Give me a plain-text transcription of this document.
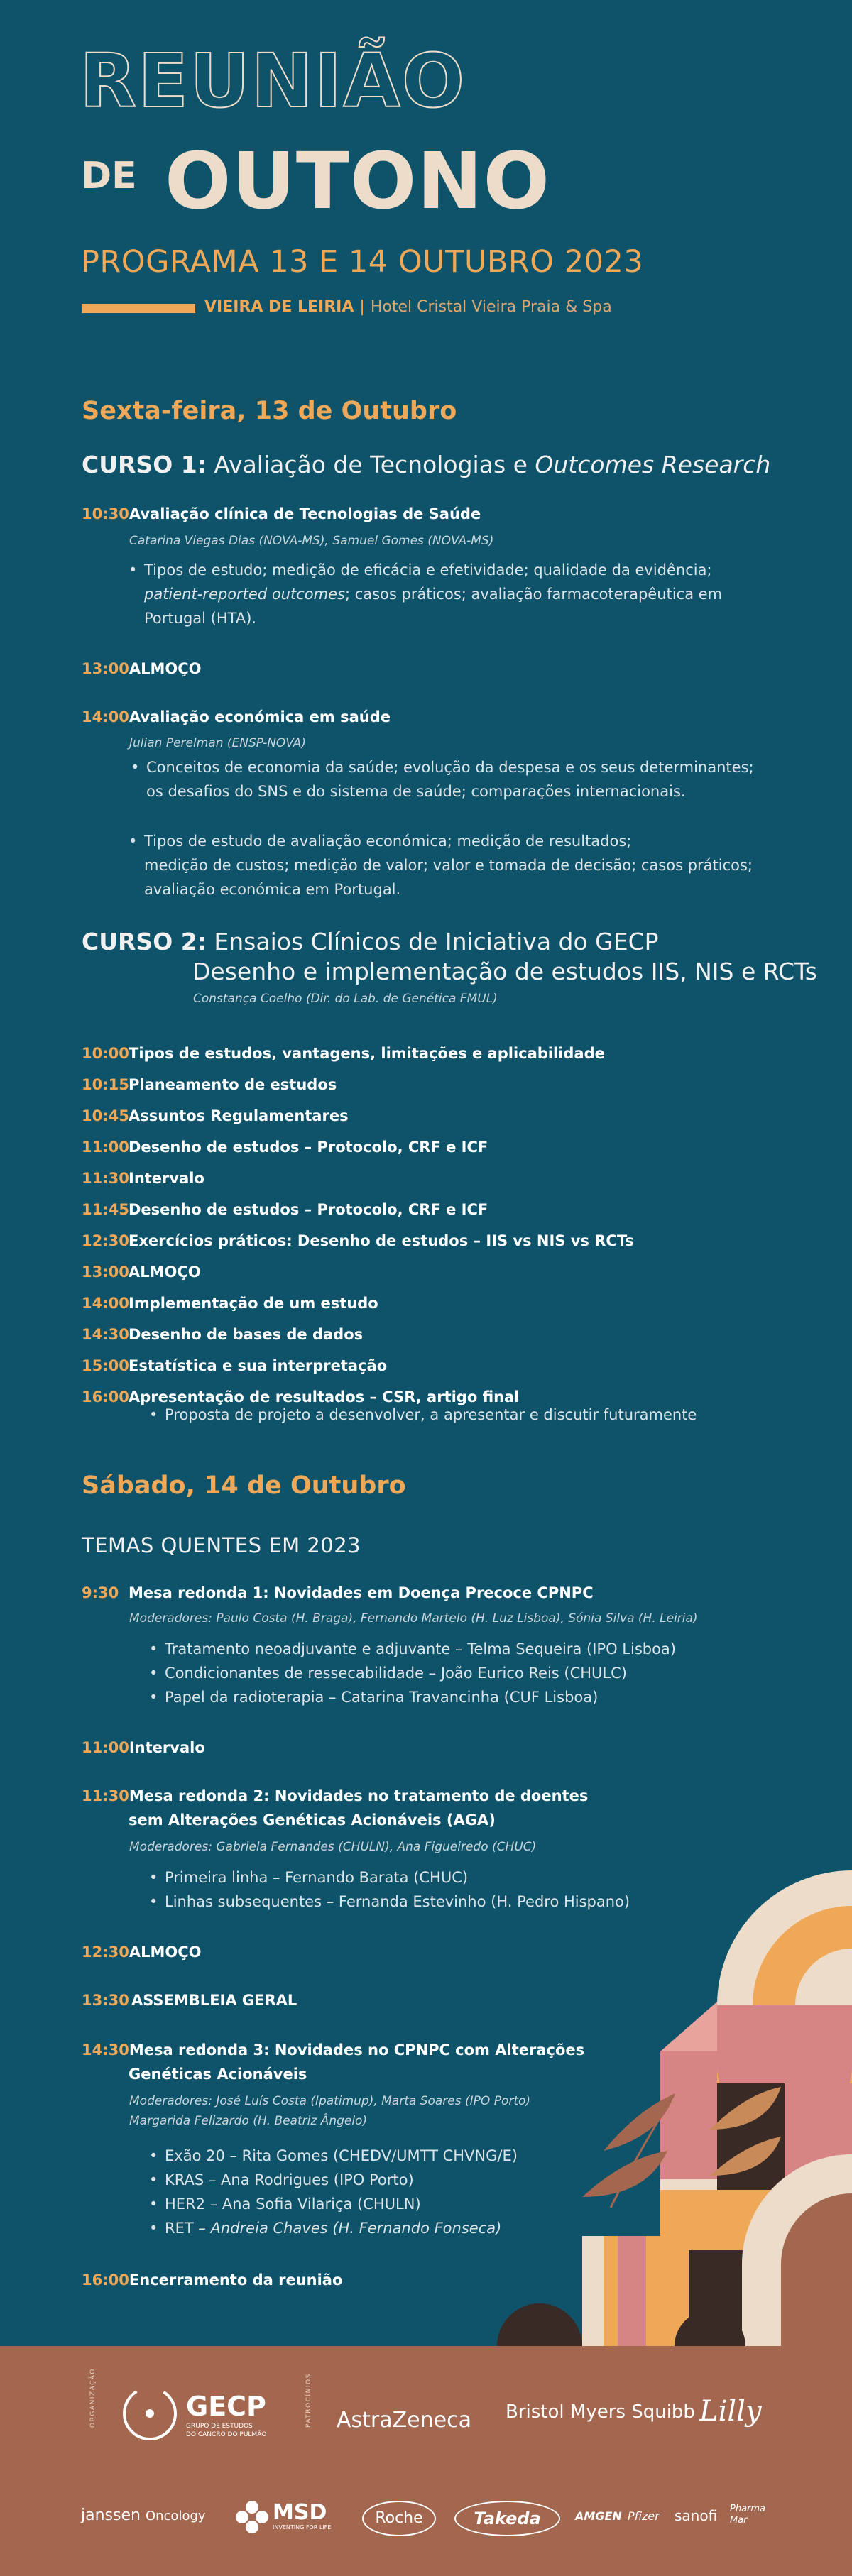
REUNIÃO
DE OUTONO
PROGRAMA 13 E 14 OUTUBRO 2023
VIEIRA DE LEIRIA | Hotel Cristal Vieira Praia & Spa
Sexta-feira, 13 de Outubro
CURSO 1: Avaliação de Tecnologias e Outcomes Research
10:30Avaliação clínica de Tecnologias de Saúde
Catarina Viegas Dias (NOVA-MS), Samuel Gomes (NOVA-MS)
• Tipos de estudo; medição de eficácia e efetividade; qualidade da evidência;
patient-reported outcomes; casos práticos; avaliação farmacoterapêutica em
Portugal (HTA).
13:00ALMOÇO
14:00Avaliação económica em saúde
Julian Perelman (ENSP-NOVA)
• Conceitos de economia da saúde; evolução da despesa e os seus determinantes;
os desafios do SNS e do sistema de saúde; comparações internacionais.
• Tipos de estudo de avaliação económica; medição de resultados;
medição de custos; medição de valor; valor e tomada de decisão; casos práticos;
avaliação económica em Portugal.
CURSO 2: Ensaios Clínicos de Iniciativa do GECP
Desenho e implementação de estudos IIS, NIS e RCTs
Constança Coelho (Dir. do Lab. de Genética FMUL)
10:00Tipos de estudos, vantagens, limitações e aplicabilidade
10:15Planeamento de estudos
10:45Assuntos Regulamentares
11:00Desenho de estudos – Protocolo, CRF e ICF
11:30Intervalo
11:45Desenho de estudos – Protocolo, CRF e ICF
12:30Exercícios práticos: Desenho de estudos – IIS vs NIS vs RCTs
13:00ALMOÇO
14:00Implementação de um estudo
14:30Desenho de bases de dados
15:00Estatística e sua interpretação
16:00Apresentação de resultados – CSR, artigo final
• Proposta de projeto a desenvolver, a apresentar e discutir futuramente
Sábado, 14 de Outubro
TEMAS QUENTES EM 2023
9:30 Mesa redonda 1: Novidades em Doença Precoce CPNPC
Moderadores: Paulo Costa (H. Braga), Fernando Martelo (H. Luz Lisboa), Sónia Silva (H. Leiria)
• Tratamento neoadjuvante e adjuvante – Telma Sequeira (IPO Lisboa)
Condicionantes de ressecabilidade – João Eurico Reis (CHULC)
Papel da radioterapia – Catarina Travancinha (CUF Lisboa)
•
•
11:00Intervalo
11:30Mesa redonda 2: Novidades no tratamento de doentes
sem Alterações Genéticas Acionáveis (AGA)
Moderadores: Gabriela Fernandes (CHULN), Ana Figueiredo (CHUC)
• Primeira linha – Fernando Barata (CHUC)
Linhas subsequentes – Fernanda Estevinho (H. Pedro Hispano)
•
12:30ALMOÇO
13:30 ASSEMBLEIA GERAL
14:30Mesa redonda 3: Novidades no CPNPC com Alterações
Genéticas Acionáveis
Moderadores: José Luís Costa (Ipatimup), Marta Soares (IPO Porto)
Margarida Felizardo (H. Beatriz Ângelo)
• Exão 20 – Rita Gomes (CHEDV/UMTT CHVNG/E)
KRAS – Ana Rodrigues (IPO Porto)
HER2 – Ana Sofia Vilariça (CHULN)
RET – Andreia Chaves (H. Fernando Fonseca)
•
•
•
16:00Encerramento da reunião
ORGANIZAÇÃO	GECP
GRUPO DE ESTUDOS
DO CANCRO DO PULMÃO
PATROCÍNIOS AstraZeneca Bristol Myers Squibb Lilly
janssen Oncology	MSD
INVENTING FOR LIFE
Roche	Takeda	AMGEN Pfizer sanofi Pharma
Mar
